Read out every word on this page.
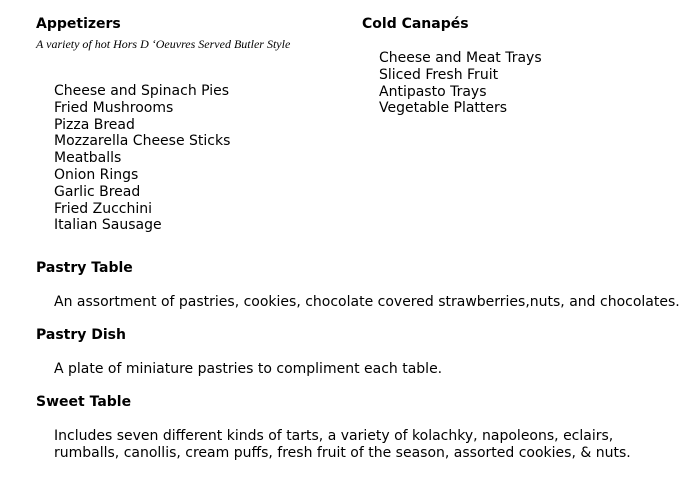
Appetizers
A variety of hot Hors D ‘Oeuvres Served Butler Style
Cheese and Spinach Pies
Fried Mushrooms
Pizza Bread
Mozzarella Cheese Sticks
Meatballs
Onion Rings
Garlic Bread
Fried Zucchini
Italian Sausage
Cold Canapés
Cheese and Meat Trays
Sliced Fresh Fruit
Antipasto Trays
Vegetable Platters
Pastry Table
An assortment of pastries, cookies, chocolate covered strawberries,nuts, and chocolates.
Pastry Dish
A plate of miniature pastries to compliment each table.
Sweet Table
Includes seven different kinds of tarts, a variety of kolachky, napoleons, eclairs, rumballs, canollis, cream puffs, fresh fruit of the season, assorted cookies, & nuts.
